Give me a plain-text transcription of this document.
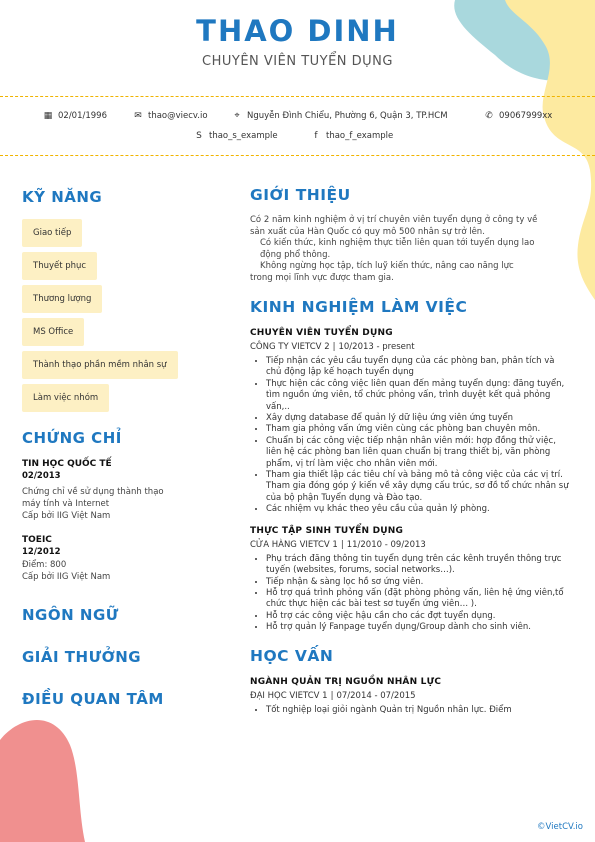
THAO DINH
CHUYÊN VIÊN TUYỂN DỤNG
▦ 02/01/1996	✉ thao@viecv.io	⌖ Nguyễn Đình Chiểu, Phường 6, Quận 3, TP.HCM	✆ 09067999xx
S thao_s_example	f thao_f_example
KỸ NĂNG
Giao tiếp
Thuyết phục
Thương lượng
MS Office
Thành thạo phần mềm nhân sự
Làm việc nhóm
CHỨNG CHỈ
TIN HỌC QUỐC TẾ
02/2013
Chứng chỉ về sử dụng thành thạo
máy tính và Internet
Cấp bởi IIG Việt Nam
TOEIC
12/2012
Điểm: 800
Cấp bởi IIG Việt Nam
NGÔN NGỮ
GIẢI THƯỞNG
ĐIỀU QUAN TÂM
GIỚI THIỆU

Có 2 năm kinh nghiệm ở vị trí chuyên viên tuyển dụng ở công ty về

sản xuất của Hàn Quốc có quy mô 500 nhân sự trở lên.

Có kiến thức, kinh nghiệm thực tiễn liên quan tới tuyển dụng lao

động phổ thông.

Không ngừng học tập, tích luỹ kiến thức, nâng cao năng lực

trong mọi lĩnh vực được tham gia.

KINH NGHIỆM LÀM VIỆC
CHUYÊN VIÊN TUYỂN DỤNG
CÔNG TY VIETCV 2 | 10/2013 - present
• Tiếp nhận các yêu cầu tuyển dụng của các phòng ban, phân tích và chủ động lập kế hoạch tuyển dụng
• Thực hiện các công việc liên quan đến mảng tuyển dụng: đăng tuyển, tìm nguồn ứng viên, tổ chức phỏng vấn, trình duyệt kết quả phỏng vấn,..
• Xây dựng database để quản lý dữ liệu ứng viên ứng tuyển
• Tham gia phỏng vấn ứng viên cùng các phòng ban chuyên môn.
• Chuẩn bị các công việc tiếp nhận nhân viên mới: hợp đồng thử việc, liên hệ các phòng ban liên quan chuẩn bị trang thiết bị, văn phòng phẩm, vị trí làm việc cho nhân viên mới.
• Tham gia thiết lập các tiêu chí và bảng mô tả công việc của các vị trí. Tham gia đóng góp ý kiến về xây dựng cấu trúc, sơ đồ tổ chức nhân sự của bộ phận Tuyển dụng và Đào tạo.
• Các nhiệm vụ khác theo yêu cầu của quản lý phòng.
THỰC TẬP SINH TUYỂN DỤNG
CỬA HÀNG VIETCV 1 | 11/2010 - 09/2013
• Phụ trách đăng thông tin tuyển dụng trên các kênh truyền thông trực tuyến (websites, forums, social networks…).
• Tiếp nhận & sàng lọc hồ sơ ứng viên.
• Hỗ trợ quá trình phỏng vấn (đặt phòng phỏng vấn, liên hệ ứng viên,tổ chức thực hiện các bài test sơ tuyển ứng viên… ).
• Hỗ trợ các công việc hậu cần cho các đợt tuyển dụng.
• Hỗ trợ quản lý Fanpage tuyển dụng/Group dành cho sinh viên.
HỌC VẤN
NGÀNH QUẢN TRỊ NGUỒN NHÂN LỰC
ĐẠI HỌC VIETCV 1 | 07/2014 - 07/2015
• Tốt nghiệp loại giỏi ngành Quản trị Nguồn nhân lực. Điểm
©VietCV.io
